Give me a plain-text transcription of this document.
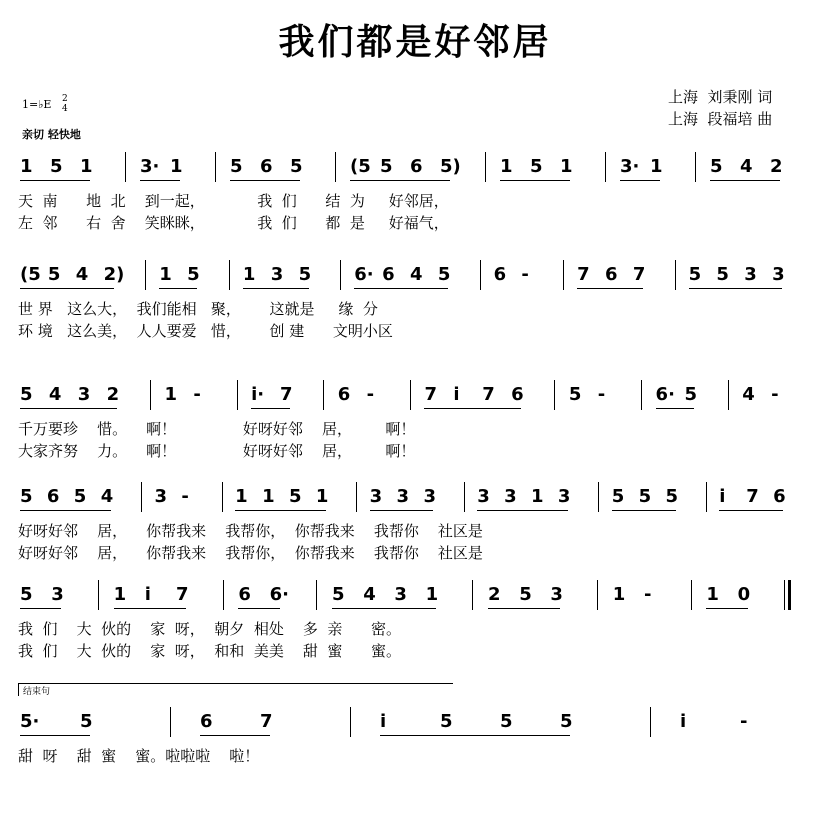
我们都是好邻居
上海  刘秉刚 词
上海  段福培 曲
1=♭E 2
4
亲切 轻快地
结束句
1 5 1	3· 1	5 6 5	(5 5 6 5) 1 5 1	3· 1	5 4 2
天  南      地  北    到一起，           我  们      结  为     好邻居，
左  邻      右  舍    笑眯眯，           我  们      都  是     好福气，
(5 5 4 2) 1 5 1 3 5 6· 6 4 5 6 -	7 6 7 5 5 3 3
世 界   这么大，  我们能相   聚，      这就是     缘  分
环 境   这么美，  人人要爱   惜，      创 建      文明小区
5 4 3 2	1 -	i· 7	6 -	7 i 7 6	5 -	6· 5	4 -
千万要珍    惜。    啊！              好呀好邻    居，       啊！
大家齐努    力。    啊！              好呀好邻    居，       啊！
5 6 5 4 3 -	1 1 5 1 3 3 3 3 3 1 3 5 5 5 i 7 6
好呀好邻    居，    你帮我来    我帮你，  你帮我来    我帮你    社区是
好呀好邻    居，    你帮我来    我帮你，  你帮我来    我帮你    社区是
5 3	1 i 7	6 6· 5 4 3 1	2 5 3	1 -	1 0
我  们    大  伙的    家  呀，  朝夕  相处    多  亲      密。
我  们    大  伙的    家  呀，  和和  美美    甜  蜜      蜜。
5· 5	6	7	i	5	5	5	i	-
甜  呀    甜  蜜    蜜。啦啦啦    啦！
